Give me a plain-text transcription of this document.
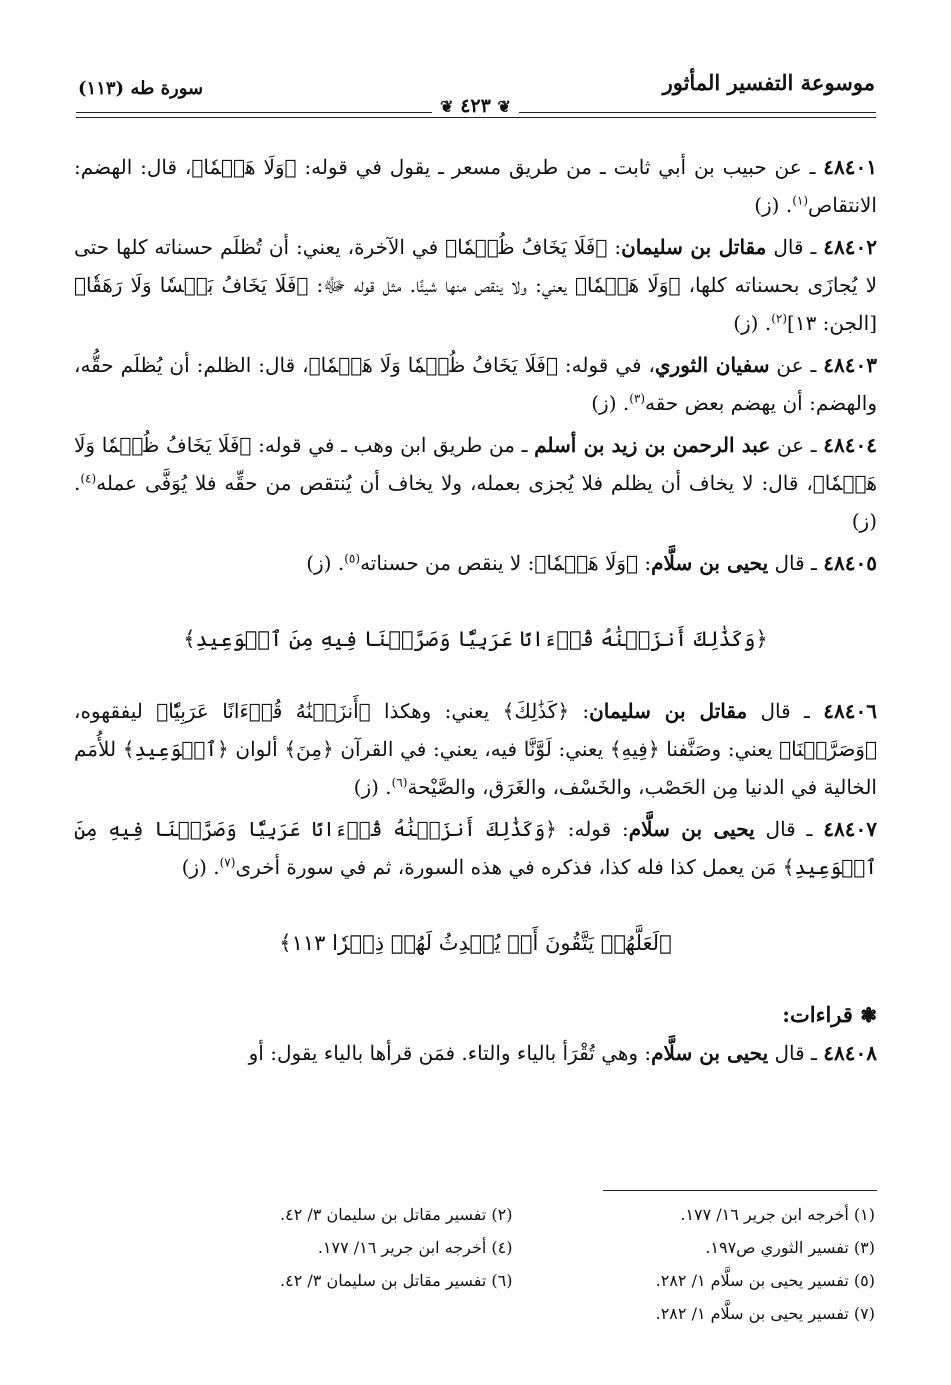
موسوعة التفسير المأثور
سورة طه (١١٣)
❦ ٤٢٣ ❦
٤٨٤٠١ ـ عن حبيب بن أبي ثابت ـ من طريق مسعر ـ يقول في قوله: ﴿وَلَا هَضۡمٗا﴾، قال: الهضم: الانتقاص$^{(١)}$. (ز)
٤٨٤٠٢ ـ قال مقاتل بن سليمان: ﴿فَلَا يَخَافُ ظُلۡمٗا﴾ في الآخرة، يعني: أن تُظلَم حسناته كلها حتى لا يُجازَى بحسناته كلها، ﴿وَلَا هَضۡمٗا﴾ يعني: ولا ينقص منها شيئًا. مثل قوله ﷻ: ﴿فَلَا يَخَافُ بَخۡسٗا وَلَا رَهَقٗا﴾ [الجن: ١٣]$^{(٢)}$. (ز)
٤٨٤٠٣ ـ عن سفيان الثوري، في قوله: ﴿فَلَا يَخَافُ ظُلۡمٗا وَلَا هَضۡمٗا﴾، قال: الظلم: أن يُظلَم حقُّه، والهضم: أن يهضم بعض حقه$^{(٣)}$. (ز)
٤٨٤٠٤ ـ عن عبد الرحمن بن زيد بن أسلم ـ من طريق ابن وهب ـ في قوله: ﴿فَلَا يَخَافُ ظُلۡمٗا وَلَا هَضۡمٗا﴾، قال: لا يخاف أن يظلم فلا يُجزى بعمله، ولا يخاف أن يُنتقص من حقِّه فلا يُوَفَّى عمله$^{(٤)}$. (ز)
٤٨٤٠٥ ـ قال يحيى بن سلَّام: ﴿وَلَا هَضۡمٗا﴾: لا ينقص من حسناته$^{(٥)}$. (ز)
﴿وَكَذَٰلِكَ أَنزَلۡنَٰهُ قُرۡءَانًا عَرَبِيّٗا وَصَرَّفۡنَا فِيهِ مِنَ ٱلۡوَعِيدِ﴾
٤٨٤٠٦ ـ قال مقاتل بن سليمان: ﴿كَذَٰلِكَ﴾ يعني: وهكذا ﴿أَنزَلۡنَٰهُ قُرۡءَانًا عَرَبِيّٗا﴾ ليفقهوه، ﴿وَصَرَّفۡنَا﴾ يعني: وصَنَّفنا ﴿فِيهِ﴾ يعني: لَوَّنَّا فيه، يعني: في القرآن ﴿مِنَ﴾ ألوان ﴿ٱلۡوَعِيدِ﴾ للأُمَم الخالية في الدنيا مِن الحَصْب، والخَسْف، والغَرَق، والصَّيْحة$^{(٦)}$. (ز)
٤٨٤٠٧ ـ قال يحيى بن سلَّام: قوله: ﴿وَكَذَٰلِكَ أَنزَلۡنَٰهُ قُرۡءَانًا عَرَبِيّٗا وَصَرَّفۡنَا فِيهِ مِنَ ٱلۡوَعِيدِ﴾ مَن يعمل كذا فله كذا، فذكره في هذه السورة، ثم في سورة أخرى$^{(٧)}$. (ز)
﴿لَعَلَّهُمۡ يَتَّقُونَ أَوۡ يُحۡدِثُ لَهُمۡ ذِكۡرٗا ١١٣﴾
❃ قراءات:
٤٨٤٠٨ ـ قال يحيى بن سلَّام: وهي تُقْرَأ بالياء والتاء. فمَن قرأها بالياء يقول: أو
(١) أخرجه ابن جرير ١٦/ ١٧٧.
(٢) تفسير مقاتل بن سليمان ٣/ ٤٢.
(٣) تفسير الثوري ص١٩٧.
(٤) أخرجه ابن جرير ١٦/ ١٧٧.
(٥) تفسير يحيى بن سلَّام ١/ ٢٨٢.
(٦) تفسير مقاتل بن سليمان ٣/ ٤٢.
(٧) تفسير يحيى بن سلَّام ١/ ٢٨٢.
